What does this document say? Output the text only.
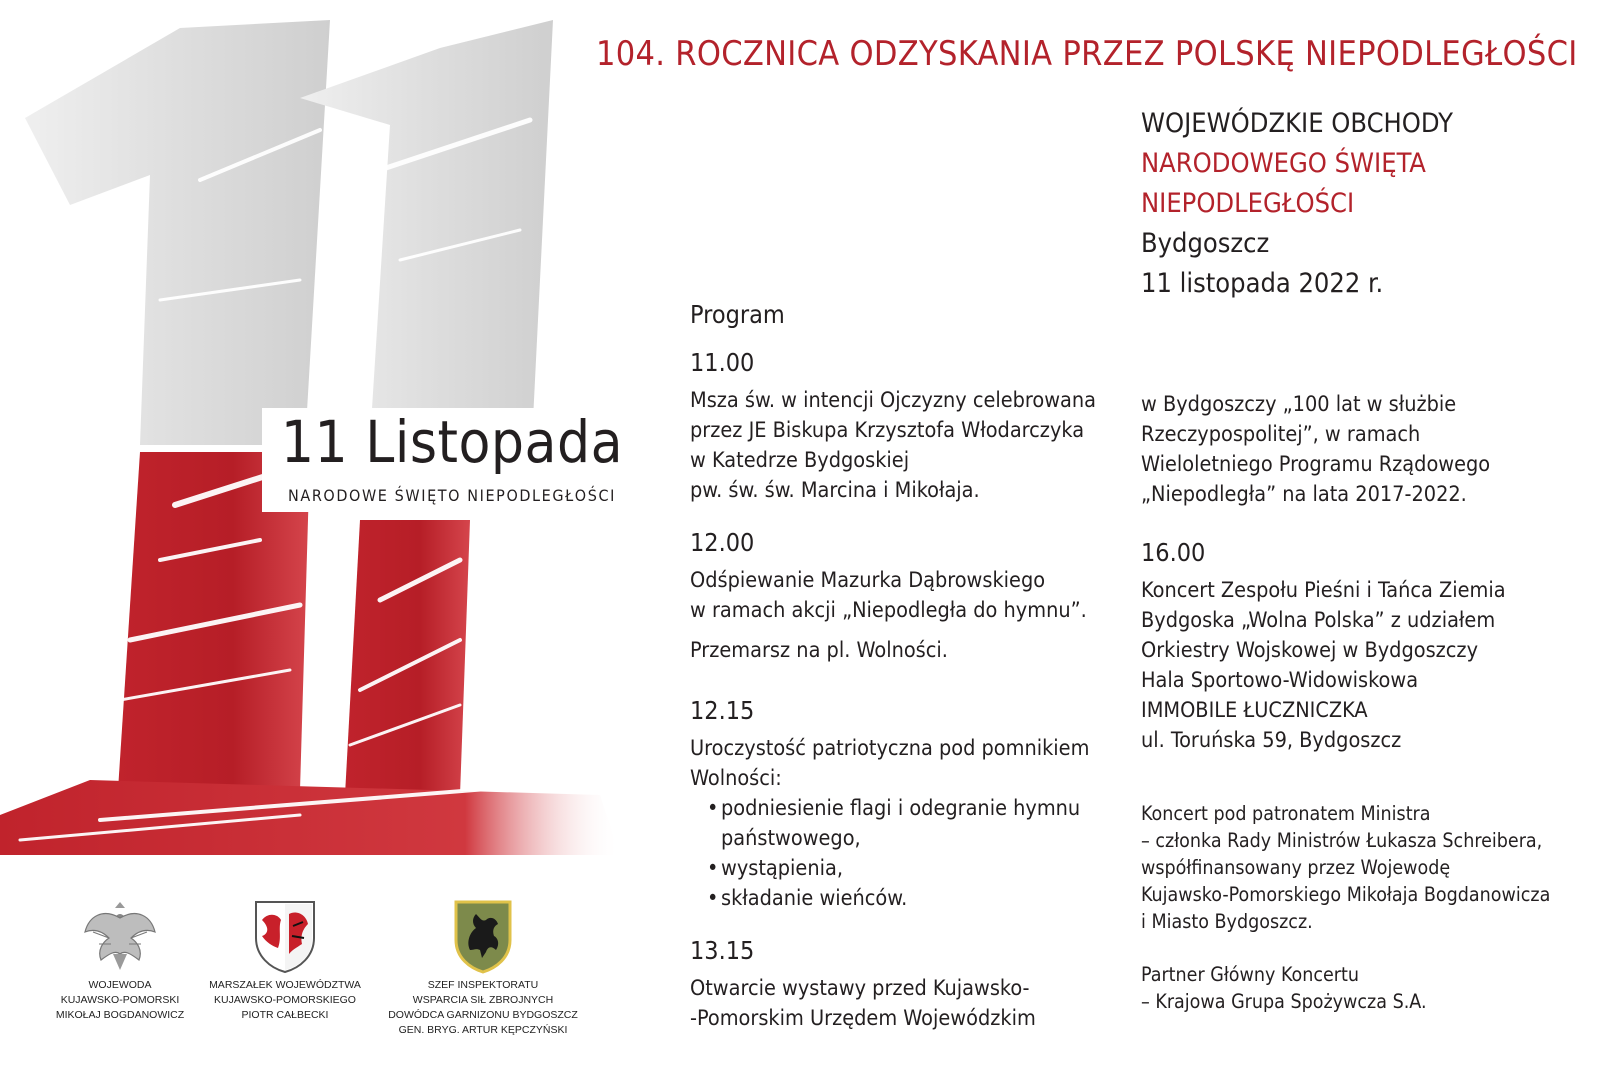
11 Listopada
NARODOWE ŚWIĘTO NIEPODLEGŁOŚCI
WOJEWODA
KUJAWSKO-POMORSKI
MIKOŁAJ BOGDANOWICZ
MARSZAŁEK WOJEWÓDZTWA
KUJAWSKO-POMORSKIEGO
PIOTR CAŁBECKI
SZEF INSPEKTORATU
WSPARCIA SIŁ ZBROJNYCH
DOWÓDCA GARNIZONU BYDGOSZCZ
GEN. BRYG. ARTUR KĘPCZYŃSKI
104. ROCZNICA ODZYSKANIA PRZEZ POLSKĘ NIEPODLEGŁOŚCI
WOJEWÓDZKIE OBCHODY
NARODOWEGO ŚWIĘTA
NIEPODLEGŁOŚCI
Bydgoszcz
11 listopada 2022 r.
Program
11.00
Msza św. w intencji Ojczyzny celebrowana
przez JE Biskupa Krzysztofa Włodarczyka
w Katedrze Bydgoskiej
pw. św. św. Marcina i Mikołaja.
12.00
Odśpiewanie Mazurka Dąbrowskiego
w ramach akcji „Niepodległa do hymnu”.
Przemarsz na pl. Wolności.
12.15
Uroczystość patriotyczna pod pomnikiem
Wolności:
• podniesienie flagi i odegranie hymnu
państwowego,
• wystąpienia,
• składanie wieńców.
13.15
Otwarcie wystawy przed Kujawsko-
-Pomorskim Urzędem Wojewódzkim
w Bydgoszczy „100 lat w służbie
Rzeczypospolitej”, w ramach
Wieloletniego Programu Rządowego
„Niepodległa” na lata 2017-2022.
16.00
Koncert Zespołu Pieśni i Tańca Ziemia
Bydgoska „Wolna Polska” z udziałem
Orkiestry Wojskowej w Bydgoszczy
Hala Sportowo-Widowiskowa
IMMOBILE ŁUCZNICZKA
ul. Toruńska 59, Bydgoszcz
Koncert pod patronatem Ministra
– członka Rady Ministrów Łukasza Schreibera,
współfinansowany przez Wojewodę
Kujawsko-Pomorskiego Mikołaja Bogdanowicza
i Miasto Bydgoszcz.
Partner Główny Koncertu
– Krajowa Grupa Spożywcza S.A.
